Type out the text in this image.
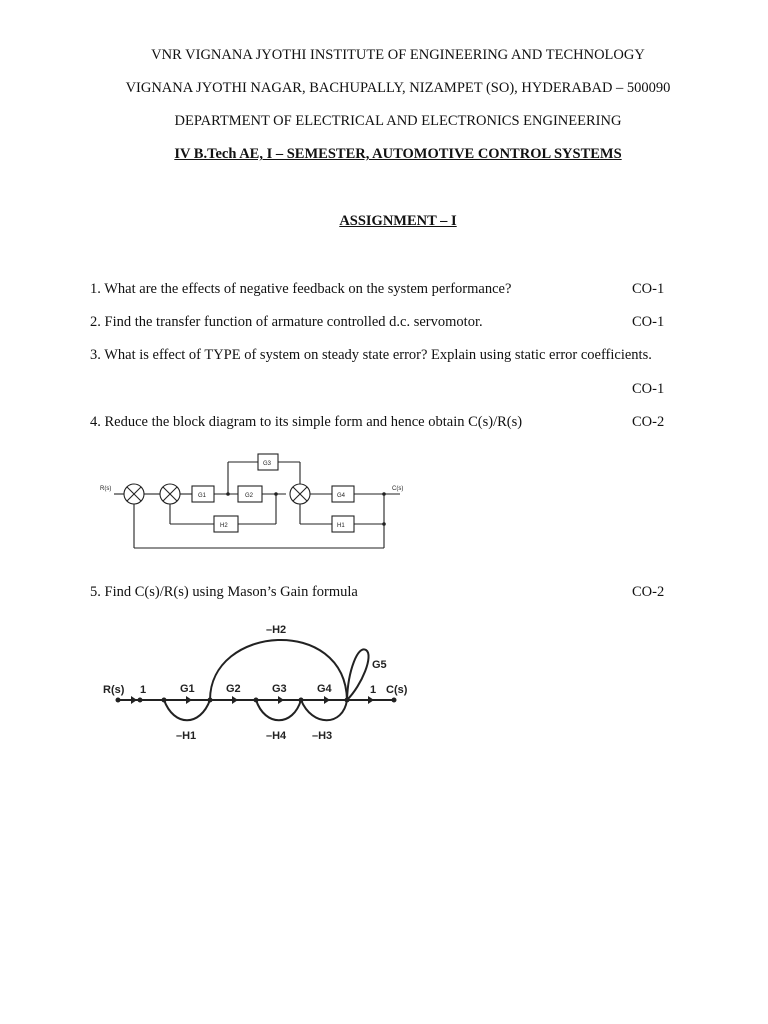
VNR VIGNANA JYOTHI INSTITUTE OF ENGINEERING AND TECHNOLOGY
VIGNANA JYOTHI NAGAR, BACHUPALLY, NIZAMPET (SO), HYDERABAD – 500090
DEPARTMENT OF ELECTRICAL AND ELECTRONICS ENGINEERING
IV B.Tech AE, I – SEMESTER, AUTOMOTIVE CONTROL SYSTEMS
ASSIGNMENT – I
1. What are the effects of negative feedback on the system performance?	CO-1
2. Find the transfer function of armature controlled d.c. servomotor.	CO-1
3. What is effect of TYPE of system on steady state error? Explain using static error coefficients.
CO-1
4. Reduce the block diagram to its simple form and hence obtain C(s)/R(s)	CO-2
R(s)	C(s)
G1	G2
G3
G4
H2	H1
5. Find C(s)/R(s) using Mason’s Gain formula	CO-2
R(s) 1	G1	G2	G3	G4	1 C(s)
G5
–H2
–H1	–H4 –H3
